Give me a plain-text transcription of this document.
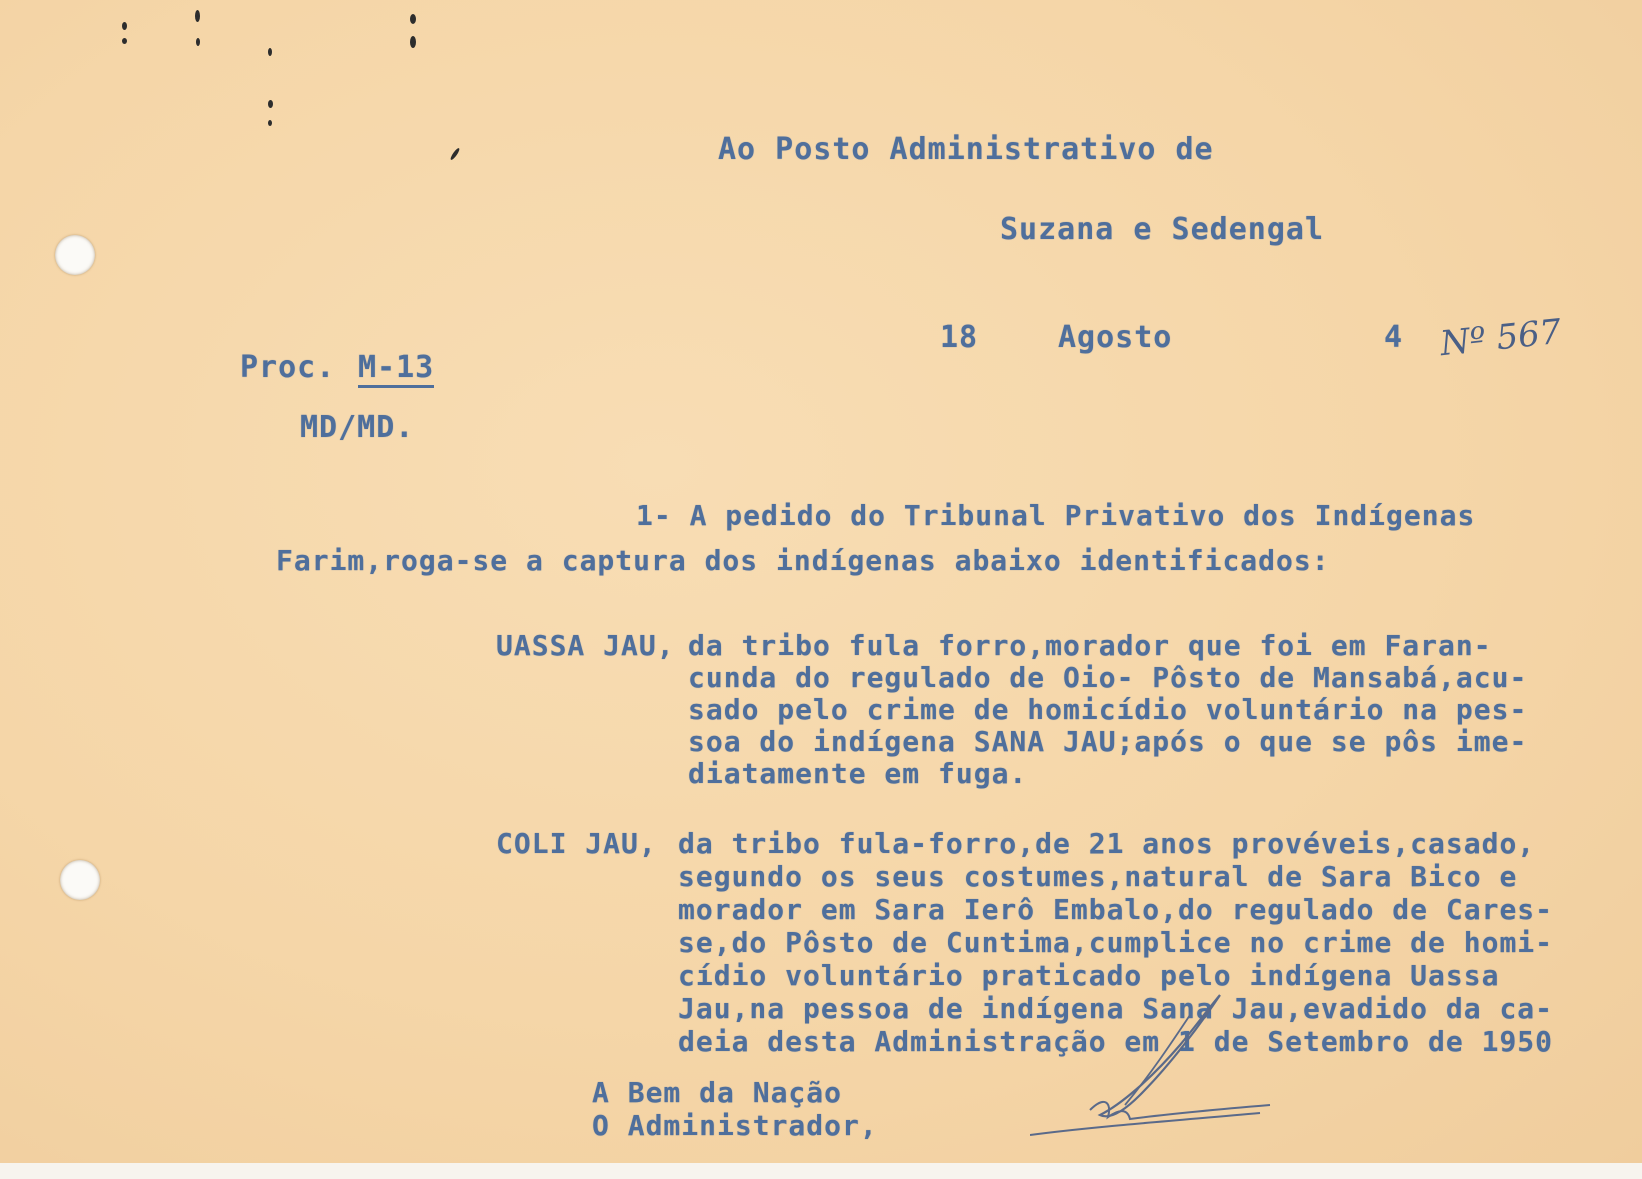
Ao Posto Administrativo de
Suzana e Sedengal
18	Agosto	4 Nº 567
Proc. M-13
MD/MD.
1- A pedido do Tribunal Privativo dos Indígenas
Farim,roga-se a captura dos indígenas abaixo identificados:
UASSA JAU, da tribo fula forro,morador que foi em Faran-
cunda do regulado de Oio- Pôsto de Mansabá,acu-
sado pelo crime de homicídio voluntário na pes-
soa do indígena SANA JAU;após o que se pôs ime-
diatamente em fuga.
COLI JAU, da tribo fula-forro,de 21 anos provéveis,casado,
segundo os seus costumes,natural de Sara Bico e
morador em Sara Ierô Embalo,do regulado de Cares-
se,do Pôsto de Cuntima,cumplice no crime de homi-
cídio voluntário praticado pelo indígena Uassa
Jau,na pessoa de indígena Sana Jau,evadido da ca-
deia desta Administração em 1 de Setembro de 1950
A Bem da Nação
O Administrador,
